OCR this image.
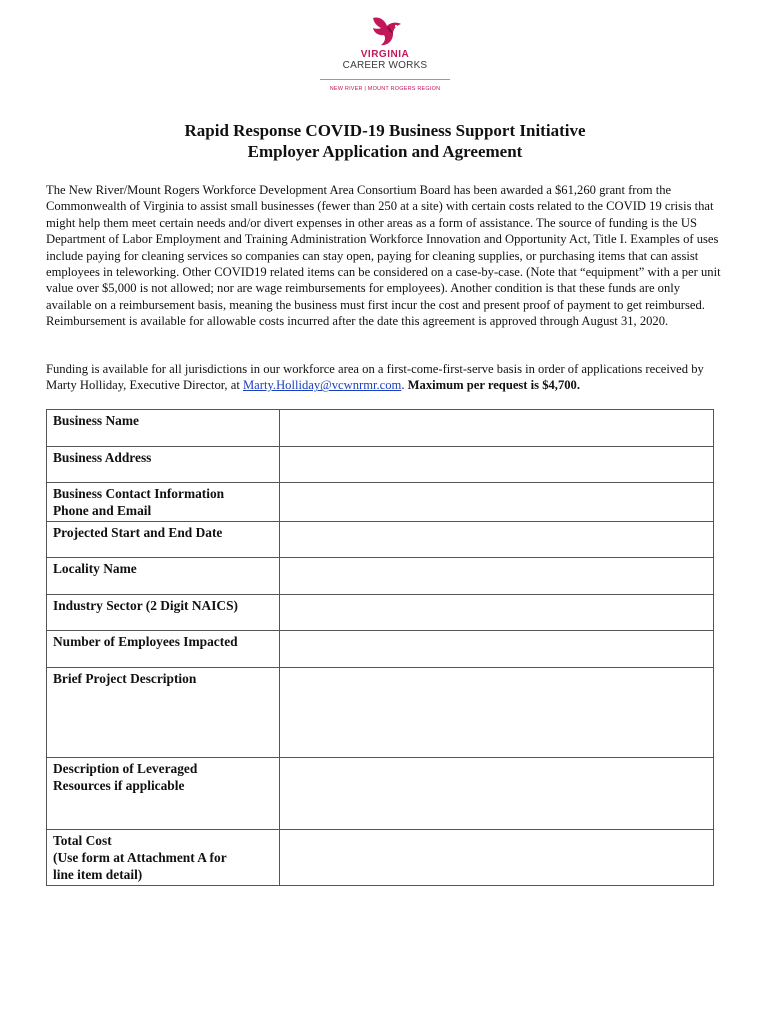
VIRGINIA
CAREER WORKS
NEW RIVER | MOUNT ROGERS REGION
Rapid Response COVID-19 Business Support Initiative
Employer Application and Agreement
The New River/Mount Rogers Workforce Development Area Consortium Board has been awarded a $61,260 grant from the Commonwealth of Virginia to assist small businesses (fewer than 250 at a site) with certain costs related to the COVID 19 crisis that might help them meet certain needs and/or divert expenses in other areas as a form of assistance. The source of funding is the US Department of Labor Employment and Training Administration Workforce Innovation and Opportunity Act, Title I. Examples of uses include paying for cleaning services so companies can stay open, paying for cleaning supplies, or purchasing items that can assist employees in teleworking. Other COVID19 related items can be considered on a case-by-case. (Note that “equipment” with a per unit value over $5,000 is not allowed; nor are wage reimbursements for employees). Another condition is that these funds are only available on a reimbursement basis, meaning the business must first incur the cost and present proof of payment to get reimbursed. Reimbursement is available for allowable costs incurred after the date this agreement is approved through August 31, 2020.
Funding is available for all jurisdictions in our workforce area on a first-come-first-serve basis in order of applications received by Marty Holliday, Executive Director, at Marty.Holliday@vcwnrmr.com. Maximum per request is $4,700.
Business Name	
Business Address	

Business Contact Information
Phone and Email	

Projected Start and End Date	
Locality Name	
Industry Sector (2 Digit NAICS)	
Number of Employees Impacted	
Brief Project Description	

Description of Leveraged
Resources if applicable	

Total Cost
(Use form at Attachment A for
line item detail)	
